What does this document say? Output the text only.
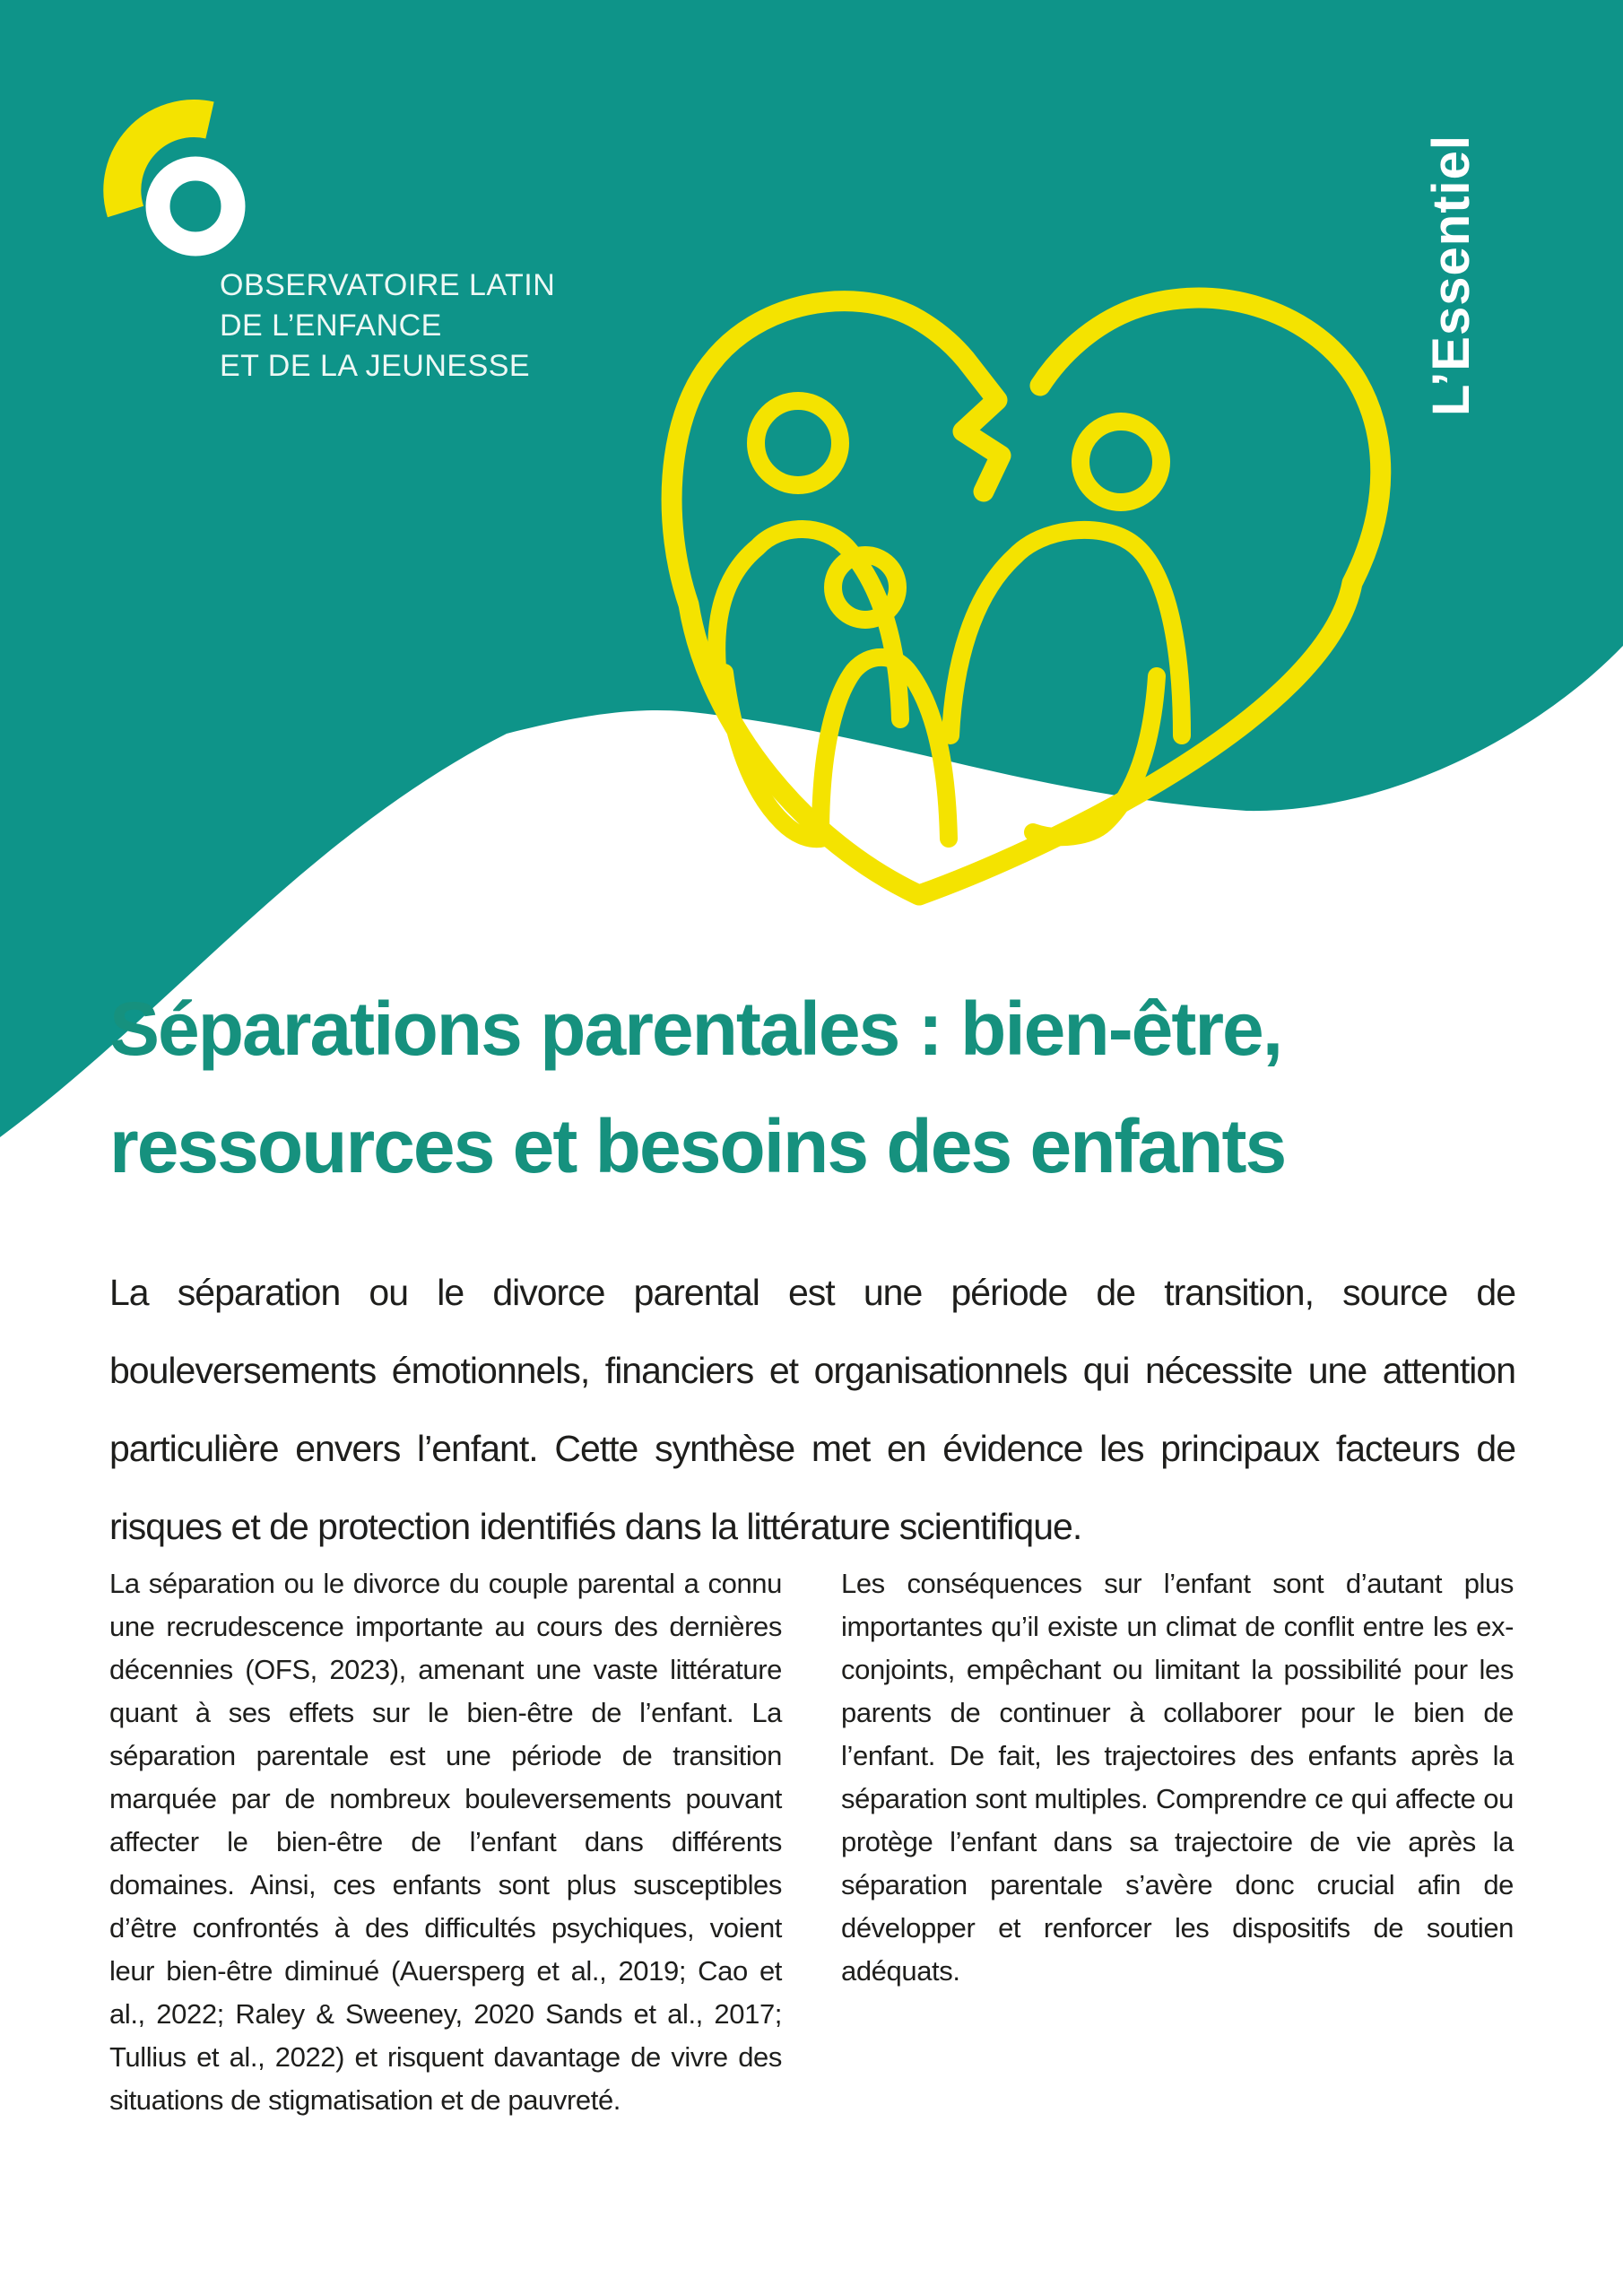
OBSERVATOIRE LATIN
DE L’ENFANCE
ET DE LA JEUNESSE	L’Essentiel
Séparations parentales : bien-être,
ressources et besoins des enfants

La séparation ou le divorce parental est une période de transition, source de bouleversements émotionnels, financiers et organisationnels qui nécessite une attention particulière envers l’enfant. Cette synthèse met en évidence les principaux facteurs de risques et de protection identifiés dans la littérature scientifique.

La séparation ou le divorce du couple parental a connu une recrudescence importante au cours des dernières décennies (OFS, 2023), amenant une vaste littérature quant à ses effets sur le bien-être de l’enfant. La séparation parentale est une période de transition marquée par de nombreux bouleversements pouvant affecter le bien-être de l’enfant dans différents domaines. Ainsi, ces enfants sont plus susceptibles d’être confrontés à des difficultés psychiques, voient leur bien-être diminué (Auersperg et al., 2019; Cao et al., 2022; Raley & Sweeney, 2020 Sands et al., 2017; Tullius et al., 2022) et risquent davantage de vivre des situations de stigmatisation et de pauvreté.

Les conséquences sur l’enfant sont d’autant plus importantes qu’il existe un climat de conflit entre les ex-conjoints, empêchant ou limitant la possibilité pour les parents de continuer à collaborer pour le bien de l’enfant. De fait, les trajectoires des enfants après la séparation sont multiples. Comprendre ce qui affecte ou protège l’enfant dans sa trajectoire de vie après la séparation parentale s’avère donc crucial afin de développer et renforcer les dispositifs de soutien adéquats.
